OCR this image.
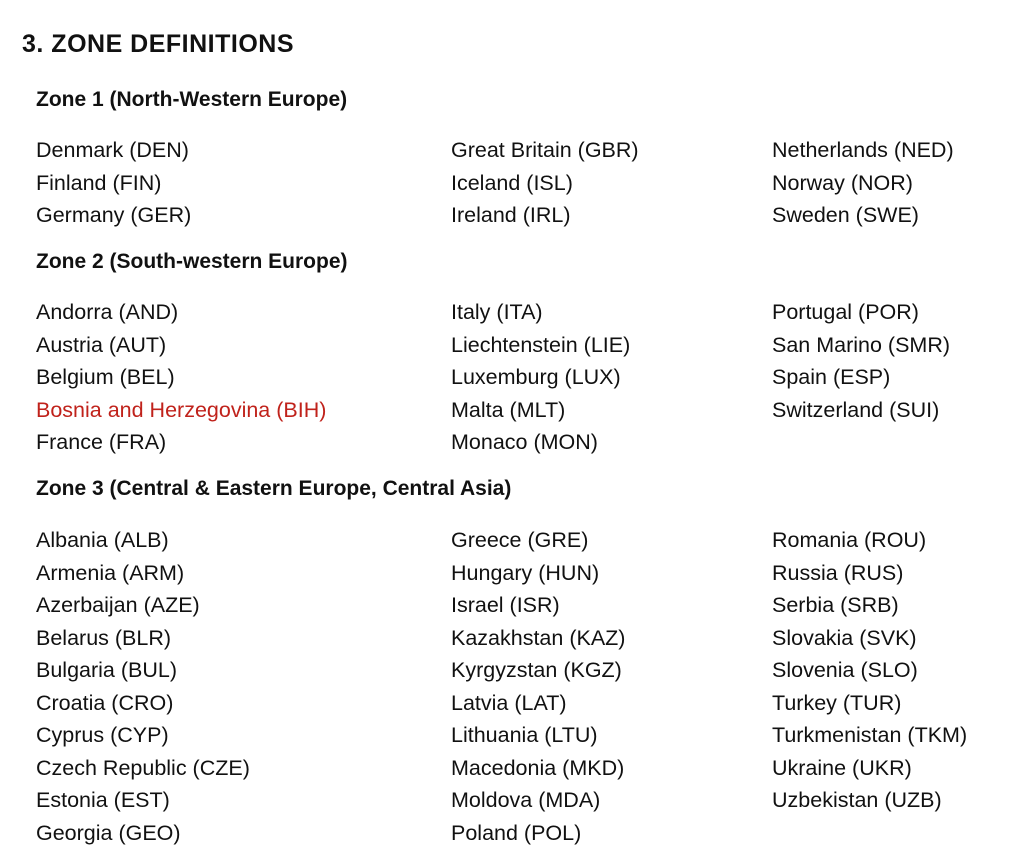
3. ZONE DEFINITIONS
Zone 1 (North-Western Europe)
Denmark (DEN)
Finland (FIN)
Germany (GER)
Great Britain (GBR)
Iceland (ISL)
Ireland (IRL)
Netherlands (NED)
Norway (NOR)
Sweden (SWE)
Zone 2 (South-western Europe)
Andorra (AND)
Austria (AUT)
Belgium (BEL)
Bosnia and Herzegovina (BIH)
France (FRA)
Italy (ITA)
Liechtenstein (LIE)
Luxemburg (LUX)
Malta (MLT)
Monaco (MON)
Portugal (POR)
San Marino (SMR)
Spain (ESP)
Switzerland (SUI)
Zone 3 (Central & Eastern Europe, Central Asia)
Albania (ALB)
Armenia (ARM)
Azerbaijan (AZE)
Belarus (BLR)
Bulgaria (BUL)
Croatia (CRO)
Cyprus (CYP)
Czech Republic (CZE)
Estonia (EST)
Georgia (GEO)
Greece (GRE)
Hungary (HUN)
Israel (ISR)
Kazakhstan (KAZ)
Kyrgyzstan (KGZ)
Latvia (LAT)
Lithuania (LTU)
Macedonia (MKD)
Moldova (MDA)
Poland (POL)
Romania (ROU)
Russia (RUS)
Serbia (SRB)
Slovakia (SVK)
Slovenia (SLO)
Turkey (TUR)
Turkmenistan (TKM)
Ukraine (UKR)
Uzbekistan (UZB)
